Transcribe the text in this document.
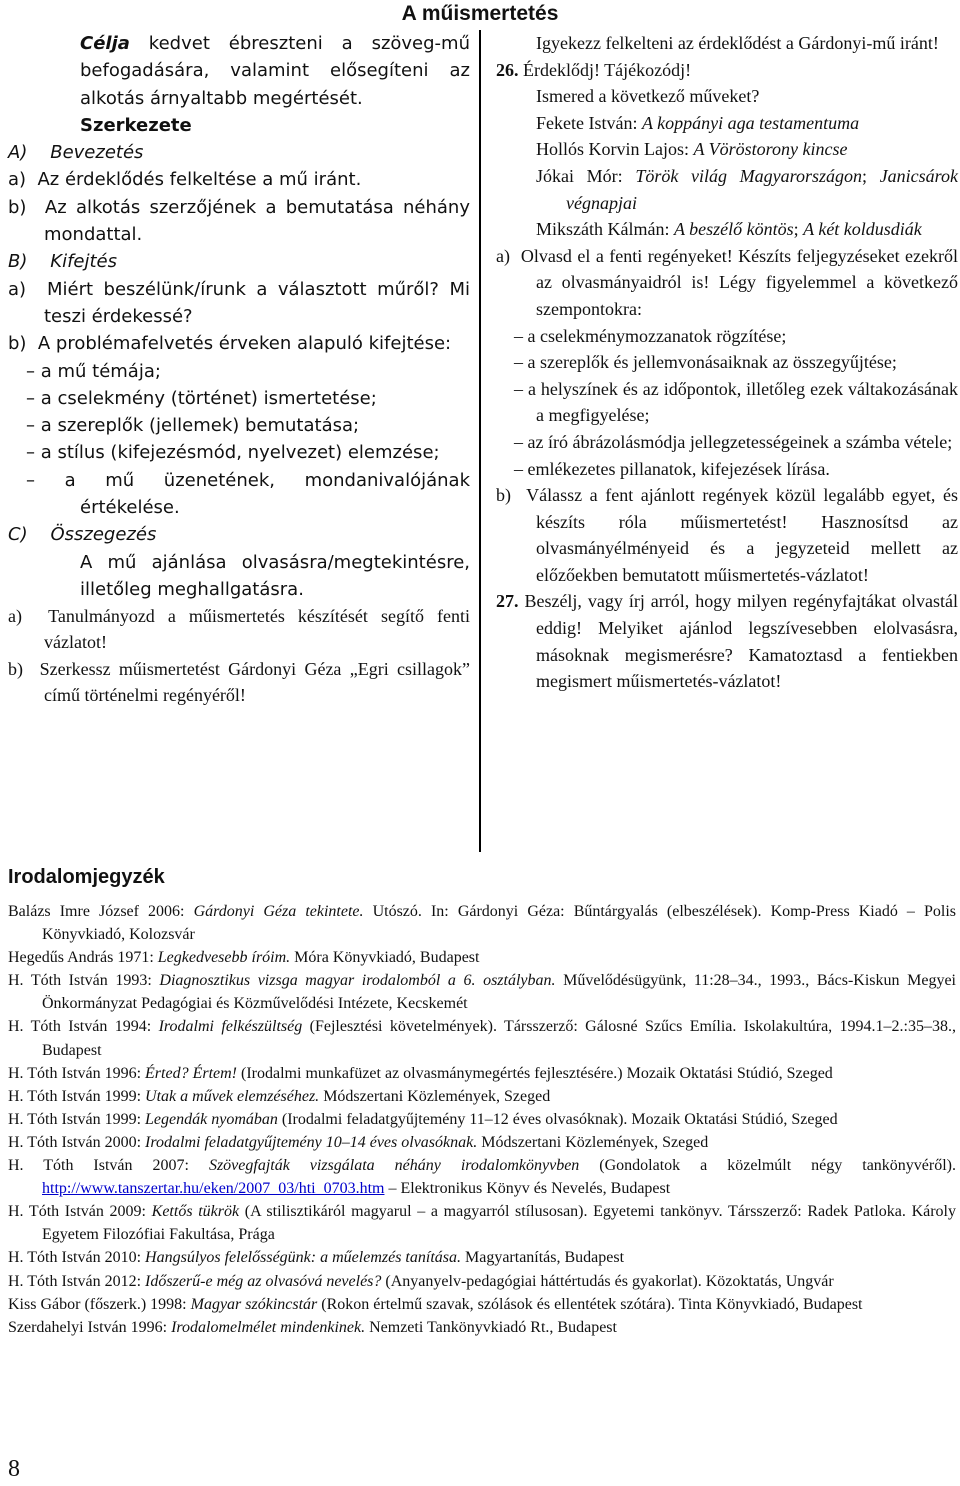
A műismertetés

Célja kedvet ébreszteni a szöveg-mű befogadására, valamint elősegíteni az alkotás árnyaltabb megértését.

Szerkezete

A) Bevezetés

a)  Az érdeklődés felkeltése a mű iránt.

b)  Az alkotás szerzőjének a bemutatása néhány mondattal.

B) Kifejtés

a)  Miért beszélünk/írunk a választott műről? Mi teszi érdekessé?

b)  A problémafelvetés érveken alapuló kifejtése:

– a mű témája;

– a cselekmény (történet) ismertetése;

– a szereplők (jellemek) bemutatása;

– a stílus (kifejezésmód, nyelvezet) elemzése;

– a mű üzenetének, mondanivalójának értékelése.

C) Összegezés

A mű ajánlása olvasásra/megtekintésre, illetőleg meghallgatásra.

a)  Tanulmányozd a műismertetés készítését segítő fenti vázlatot!

b)  Szerkessz műismertetést Gárdonyi Géza „Egri csillagok” című történelmi regényéről!

Igyekezz felkelteni az érdeklődést a Gárdonyi-mű iránt!

26. Érdeklődj! Tájékozódj!

Ismered a következő műveket?

Fekete István: A koppányi aga testamentuma

Hollós Korvin Lajos: A Vöröstorony kincse

Jókai Mór: Török világ Magyarországon; Janicsárok végnapjai

Mikszáth Kálmán: A beszélő köntös; A két koldusdiák

a)  Olvasd el a fenti regényeket! Készíts feljegyzéseket ezekről az olvasmányaidról is! Légy figyelemmel a következő szempontokra:

– a cselekménymozzanatok rögzítése;

– a szereplők és jellemvonásaiknak az összegyűjtése;

– a helyszínek és az időpontok, illetőleg ezek váltakozásának a megfigyelése;

– az író ábrázolásmódja jellegzetességeinek a számba vétele;

– emlékezetes pillanatok, kifejezések lírása.

b)  Válassz a fent ajánlott regények közül legalább egyet, és készíts róla műismertetést! Hasznosítsd az olvasmányélményeid és a jegyzeteid mellett az előzőekben bemutatott műismertetés-vázlatot!

27. Beszélj, vagy írj arról, hogy milyen regényfajtákat olvastál eddig! Melyiket ajánlod legszívesebben elolvasásra, másoknak megismerésre? Kamatoztasd a fentiekben megismert műismertetés-vázlatot!

Irodalomjegyzék

Balázs Imre József 2006: Gárdonyi Géza tekintete. Utószó. In: Gárdonyi Géza: Bűntárgyalás (elbeszélések). Komp-Press Kiadó – Polis Könyvkiadó, Kolozsvár

Hegedűs András 1971: Legkedvesebb íróim. Móra Könyvkiadó, Budapest

H. Tóth István 1993: Diagnosztikus vizsga magyar irodalomból a 6. osztályban. Művelődésügyünk, 11:28–34., 1993., Bács-Kiskun Megyei Önkormányzat Pedagógiai és Közművelődési Intézete, Kecskemét

H. Tóth István 1994: Irodalmi felkészültség (Fejlesztési követelmények). Társszerző: Gálosné Szűcs Emília. Iskolakultúra, 1994.1–2.:35–38., Budapest

H. Tóth István 1996: Érted? Értem! (Irodalmi munkafüzet az olvasmánymegértés fejlesztésére.) Mozaik Oktatási Stúdió, Szeged

H. Tóth István 1999: Utak a művek elemzéséhez. Módszertani Közlemények, Szeged

H. Tóth István 1999: Legendák nyomában (Irodalmi feladatgyűjtemény 11–12 éves olvasóknak). Mozaik Oktatási Stúdió, Szeged

H. Tóth István 2000: Irodalmi feladatgyűjtemény 10–14 éves olvasóknak. Módszertani Közlemények, Szeged

H. Tóth István 2007: Szövegfajták vizsgálata néhány irodalomkönyvben (Gondolatok a közelmúlt négy tankönyvéről). http://www.tanszertar.hu/eken/2007_03/hti_0703.htm – Elektronikus Könyv és Nevelés, Budapest

H. Tóth István 2009: Kettős tükrök (A stilisztikáról magyarul – a magyarról stílusosan). Egyetemi tankönyv. Társszerző: Radek Patloka. Károly Egyetem Filozófiai Fakultása, Prága

H. Tóth István 2010: Hangsúlyos felelősségünk: a műelemzés tanítása. Magyartanítás, Budapest

H. Tóth István 2012: Időszerű-e még az olvasóvá nevelés? (Anyanyelv-pedagógiai háttértudás és gyakorlat). Közoktatás, Ungvár

Kiss Gábor (főszerk.) 1998: Magyar szókincstár (Rokon értelmű szavak, szólások és ellentétek szótára). Tinta Könyvkiadó, Budapest

Szerdahelyi István 1996: Irodalomelmélet mindenkinek. Nemzeti Tankönyvkiadó Rt., Budapest

8
